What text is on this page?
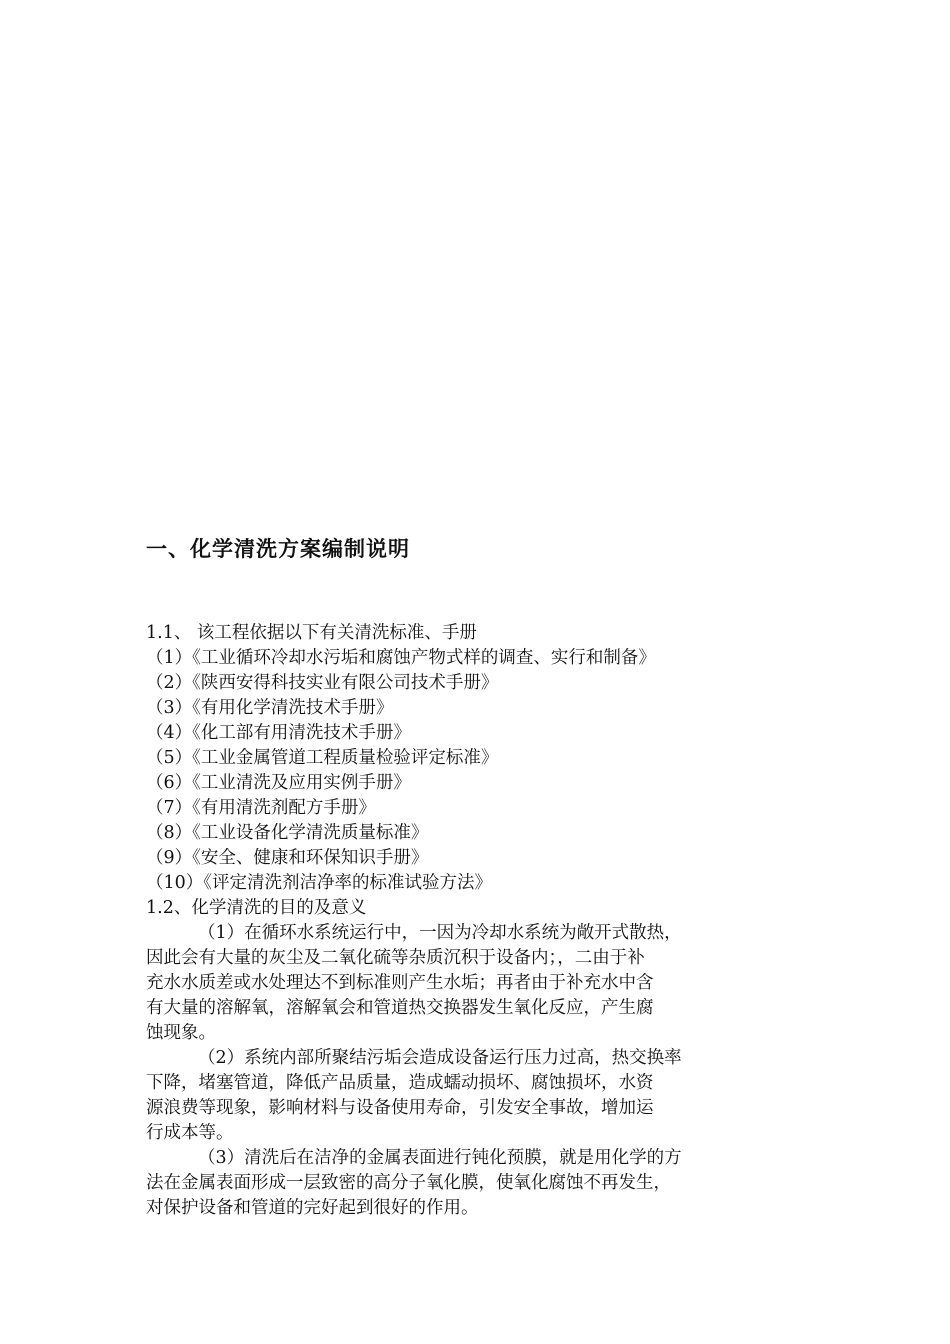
一、化学清洗方案编制说明
1.1、 该工程依据以下有关清洗标准、手册
（1）《工业循环冷却水污垢和腐蚀产物式样的调查、实行和制备》
（2）《陕西安得科技实业有限公司技术手册》
（3）《有用化学清洗技术手册》
（4）《化工部有用清洗技术手册》
（5）《工业金属管道工程质量检验评定标准》
（6）《工业清洗及应用实例手册》
（7）《有用清洗剂配方手册》
（8）《工业设备化学清洗质量标准》
（9）《安全、健康和环保知识手册》
（10）《评定清洗剂洁净率的标准试验方法》
1.2、化学清洗的目的及意义
（1）在循环水系统运行中，一因为冷却水系统为敞开式散热，
因此会有大量的灰尘及二氧化硫等杂质沉积于设备内；，二由于补
充水水质差或水处理达不到标准则产生水垢；再者由于补充水中含
有大量的溶解氧，溶解氧会和管道热交换器发生氧化反应，产生腐
蚀现象。
（2）系统内部所聚结污垢会造成设备运行压力过高，热交换率
下降，堵塞管道，降低产品质量，造成蠕动损坏、腐蚀损坏，水资
源浪费等现象，影响材料与设备使用寿命，引发安全事故，增加运
行成本等。
（3）清洗后在洁净的金属表面进行钝化预膜，就是用化学的方
法在金属表面形成一层致密的高分子氧化膜，使氧化腐蚀不再发生，
对保护设备和管道的完好起到很好的作用。
